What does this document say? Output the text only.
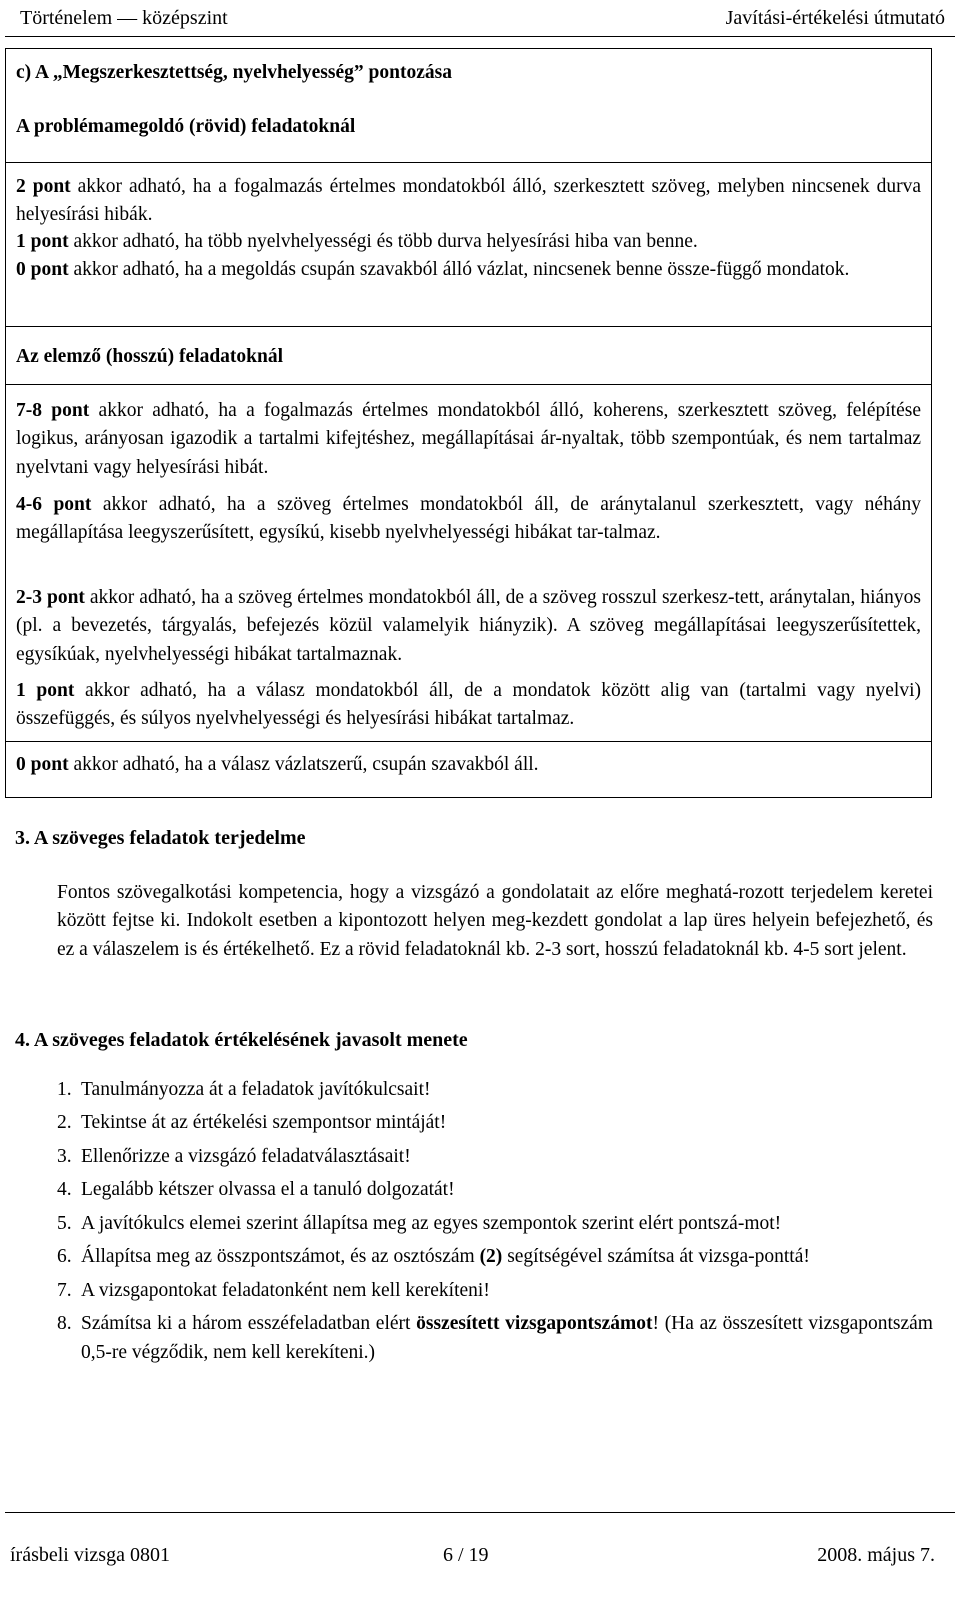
Történelem — középszint	Javítási-értékelési útmutató
c) A „Megszerkesztettség, nyelvhelyesség” pontozása
A problémamegoldó (rövid) feladatoknál
2 pont akkor adható, ha a fogalmazás értelmes mondatokból álló, szerkesztett szöveg, melyben nincsenek durva helyesírási hibák.
1 pont akkor adható, ha több nyelvhelyességi és több durva helyesírási hiba van benne.
0 pont akkor adható, ha a megoldás csupán szavakból álló vázlat, nincsenek benne össze-függő mondatok.
Az elemző (hosszú) feladatoknál
7-8 pont akkor adható, ha a fogalmazás értelmes mondatokból álló, koherens, szerkesztett szöveg, felépítése logikus, arányosan igazodik a tartalmi kifejtéshez, megállapításai ár-nyaltak, több szempontúak, és nem tartalmaz nyelvtani vagy helyesírási hibát.
4-6 pont akkor adható, ha a szöveg értelmes mondatokból áll, de aránytalanul szerkesztett, vagy néhány megállapítása leegyszerűsített, egysíkú, kisebb nyelvhelyességi hibákat tar-talmaz.
2-3 pont akkor adható, ha a szöveg értelmes mondatokból áll, de a szöveg rosszul szerkesz-tett, aránytalan, hiányos (pl. a bevezetés, tárgyalás, befejezés közül valamelyik hiányzik). A szöveg megállapításai leegyszerűsítettek, egysíkúak, nyelvhelyességi hibákat tartalmaznak.
1 pont akkor adható, ha a válasz mondatokból áll, de a mondatok között alig van (tartalmi vagy nyelvi) összefüggés, és súlyos nyelvhelyességi és helyesírási hibákat tartalmaz.
0 pont akkor adható, ha a válasz vázlatszerű, csupán szavakból áll.
3. A szöveges feladatok terjedelme
Fontos szövegalkotási kompetencia, hogy a vizsgázó a gondolatait az előre meghatá-rozott terjedelem keretei között fejtse ki. Indokolt esetben a kipontozott helyen meg-kezdett gondolat a lap üres helyein befejezhető, és ez a válaszelem is és értékelhető. Ez a rövid feladatoknál kb. 2-3 sort, hosszú feladatoknál kb. 4-5 sort jelent.
4. A szöveges feladatok értékelésének javasolt menete
1. Tanulmányozza át a feladatok javítókulcsait!
2. Tekintse át az értékelési szempontsor mintáját!
3. Ellenőrizze a vizsgázó feladatválasztásait!
4. Legalább kétszer olvassa el a tanuló dolgozatát!
5. A javítókulcs elemei szerint állapítsa meg az egyes szempontok szerint elért pontszá-mot!
6. Állapítsa meg az összpontszámot, és az osztószám (2) segítségével számítsa át vizsga-ponttá!
7. A vizsgapontokat feladatonként nem kell kerekíteni!
8. Számítsa ki a három esszéfeladatban elért összesített vizsgapontszámot! (Ha az összesített vizsgapontszám 0,5-re végződik, nem kell kerekíteni.)
írásbeli vizsga 0801	6 / 19	2008. május 7.
